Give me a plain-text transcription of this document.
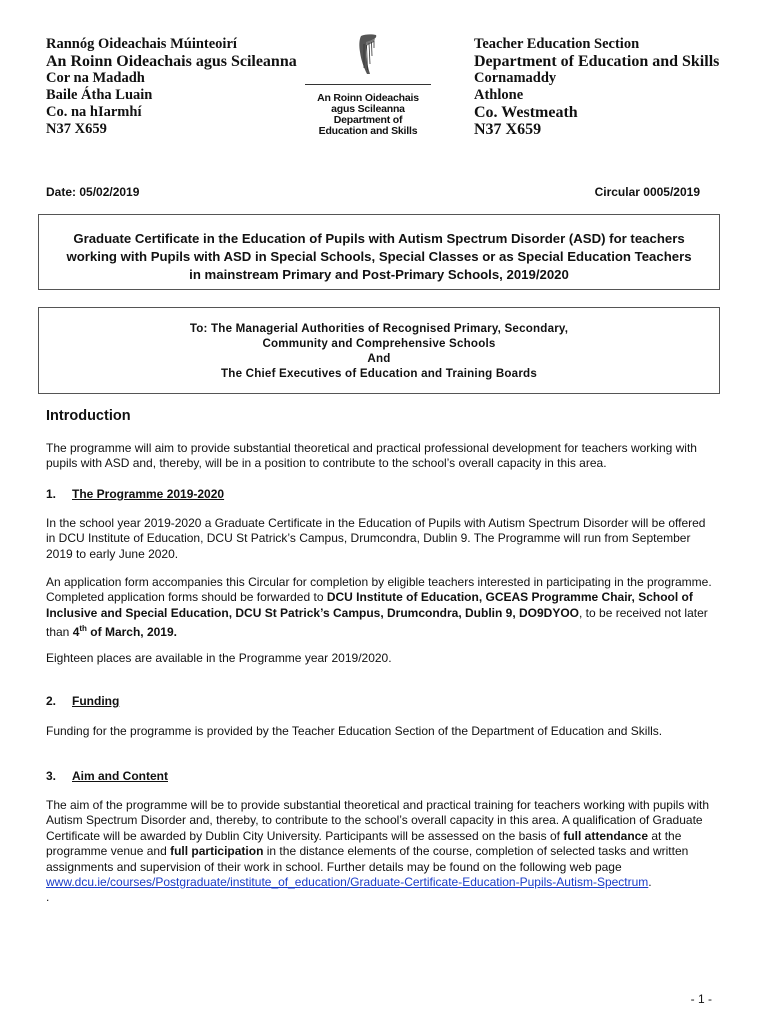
Rannóg Oideachais Múinteoirí
An Roinn Oideachais agus Scileanna
Cor na Madadh
Baile Átha Luain
Co. na hIarmhí
N37 X659
An Roinn Oideachais
agus Scileanna
Department of
Education and Skills
Teacher Education Section
Department of Education and Skills
Cornamaddy
Athlone
Co. Westmeath
N37 X659
Date: 05/02/2019	Circular 0005/2019
Graduate Certificate in the Education of Pupils with Autism Spectrum Disorder (ASD) for teachers
working with Pupils with ASD in Special Schools, Special Classes or as Special Education Teachers
in mainstream Primary and Post-Primary Schools, 2019/2020
To: The Managerial Authorities of Recognised Primary, Secondary,
Community and Comprehensive Schools
And
The Chief Executives of Education and Training Boards
Introduction

The programme will aim to provide substantial theoretical and practical professional development for teachers working with pupils with ASD and, thereby, will be in a position to contribute to the school’s overall capacity in this area.

1. The Programme 2019-2020

In the school year 2019-2020 a Graduate Certificate in the Education of Pupils with Autism Spectrum Disorder will be offered in DCU Institute of Education, DCU St Patrick’s Campus, Drumcondra, Dublin 9. The Programme will run from September 2019 to early June 2020.

An application form accompanies this Circular for completion by eligible teachers interested in participating in the programme. Completed application forms should be forwarded to DCU Institute of Education, GCEAS Programme Chair, School of Inclusive and Special Education, DCU St Patrick’s Campus, Drumcondra, Dublin 9, DO9DYOO, to be received not later than 4th of March, 2019.

Eighteen places are available in the Programme year 2019/2020.

2. Funding

Funding for the programme is provided by the Teacher Education Section of the Department of Education and Skills.

3. Aim and Content

The aim of the programme will be to provide substantial theoretical and practical training for teachers working with pupils with Autism Spectrum Disorder and, thereby, to contribute to the school’s overall capacity in this area. A qualification of Graduate Certificate will be awarded by Dublin City University. Participants will be assessed on the basis of full attendance at the programme venue and full participation in the distance elements of the course, completion of selected tasks and written assignments and supervision of their work in school. Further details may be found on the following web page www.dcu.ie/courses/Postgraduate/institute_of_education/Graduate-Certificate-Education-Pupils-Autism-Spectrum.

.

- 1 -
